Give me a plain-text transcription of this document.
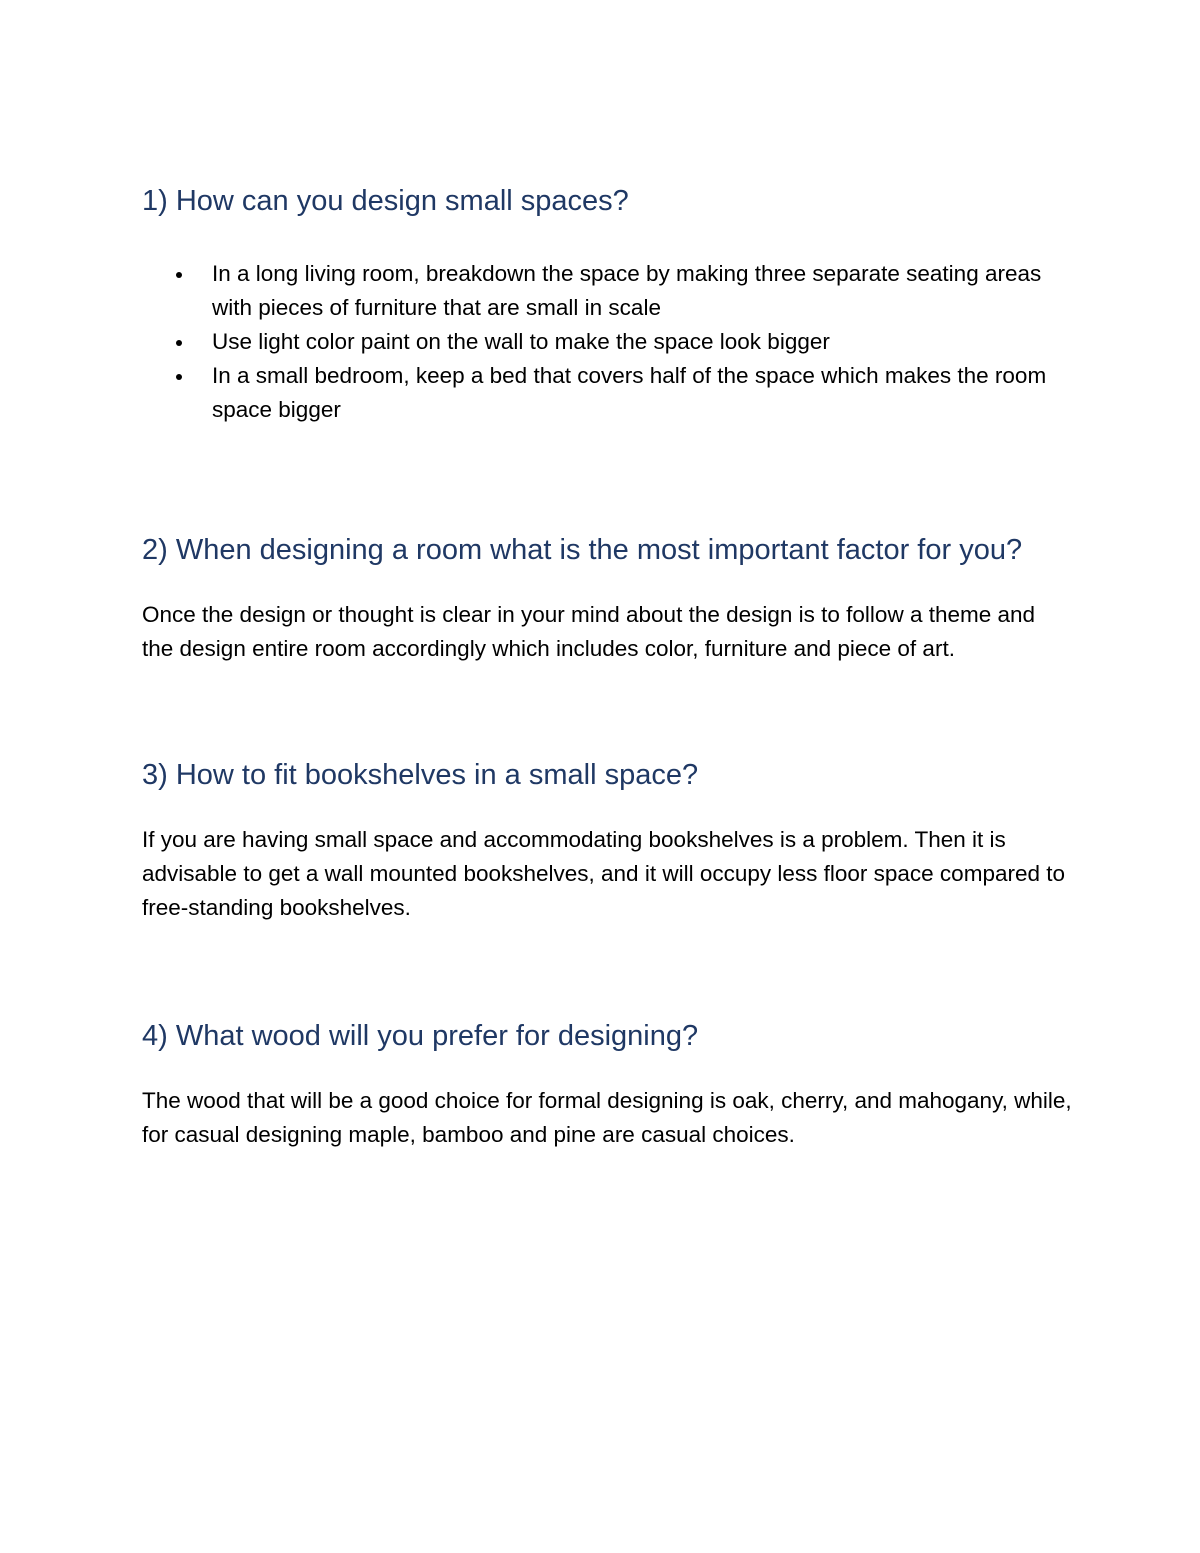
1) How can you design small spaces?
In a long living room, breakdown the space by making three separate seating areas with pieces of furniture that are small in scale
Use light color paint on the wall to make the space look bigger
In a small bedroom, keep a bed that covers half of the space which makes the room space bigger
2) When designing a room what is the most important factor for you?

Once the design or thought is clear in your mind about the design is to follow a theme and the design entire room accordingly which includes color, furniture and piece of art.

3) How to fit bookshelves in a small space?

If you are having small space and accommodating bookshelves is a problem. Then it is advisable to get a wall mounted bookshelves, and it will occupy less floor space compared to free-standing bookshelves.

4) What wood will you prefer for designing?

The wood that will be a good choice for formal designing is oak, cherry, and mahogany, while, for casual designing maple, bamboo and pine are casual choices.
